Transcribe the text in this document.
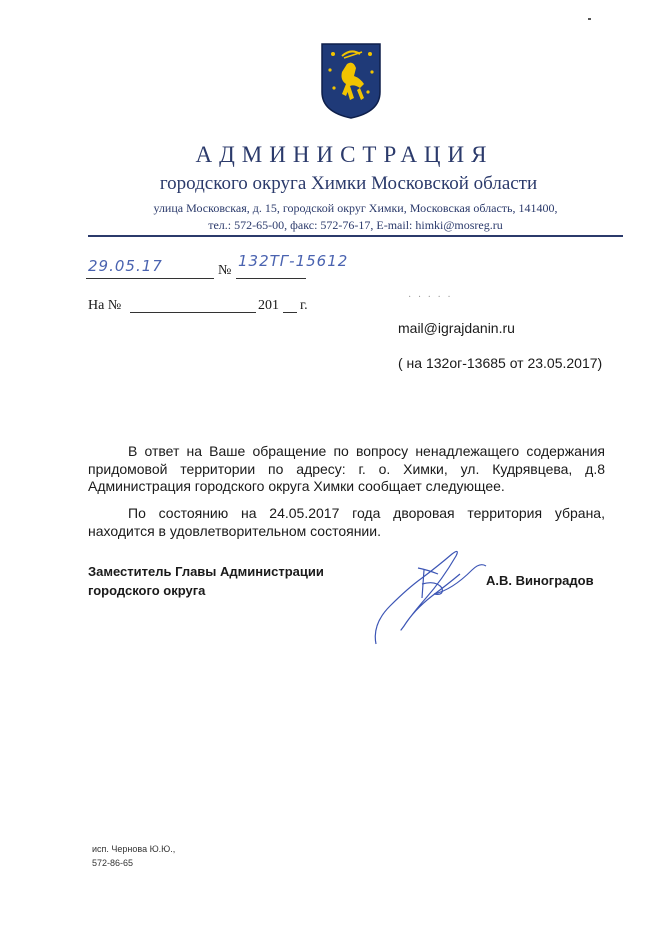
АДМИНИСТРАЦИЯ
городского округа Химки Московской области
улица Московская, д. 15, городской округ Химки, Московская область, 141400,
тел.: 572-65-00, факс: 572-76-17, E-mail: himki@mosreg.ru
29.05.17	№
132ТГ-15612
На №	201 г.
· · · · ·
mail@igrajdanin.ru
( на 132ог-13685 от 23.05.2017)
В ответ на Ваше обращение по вопросу ненадлежащего содержания придомовой территории по адресу: г. о. Химки, ул. Кудрявцева, д.8 Администрация городского округа Химки сообщает следующее.
По состоянию на 24.05.2017 года дворовая территория убрана, находится в удовлетворительном состоянии.
Заместитель Главы Администрации
городского округа
А.В. Виноградов
исп. Чернова Ю.Ю.,
572-86-65
